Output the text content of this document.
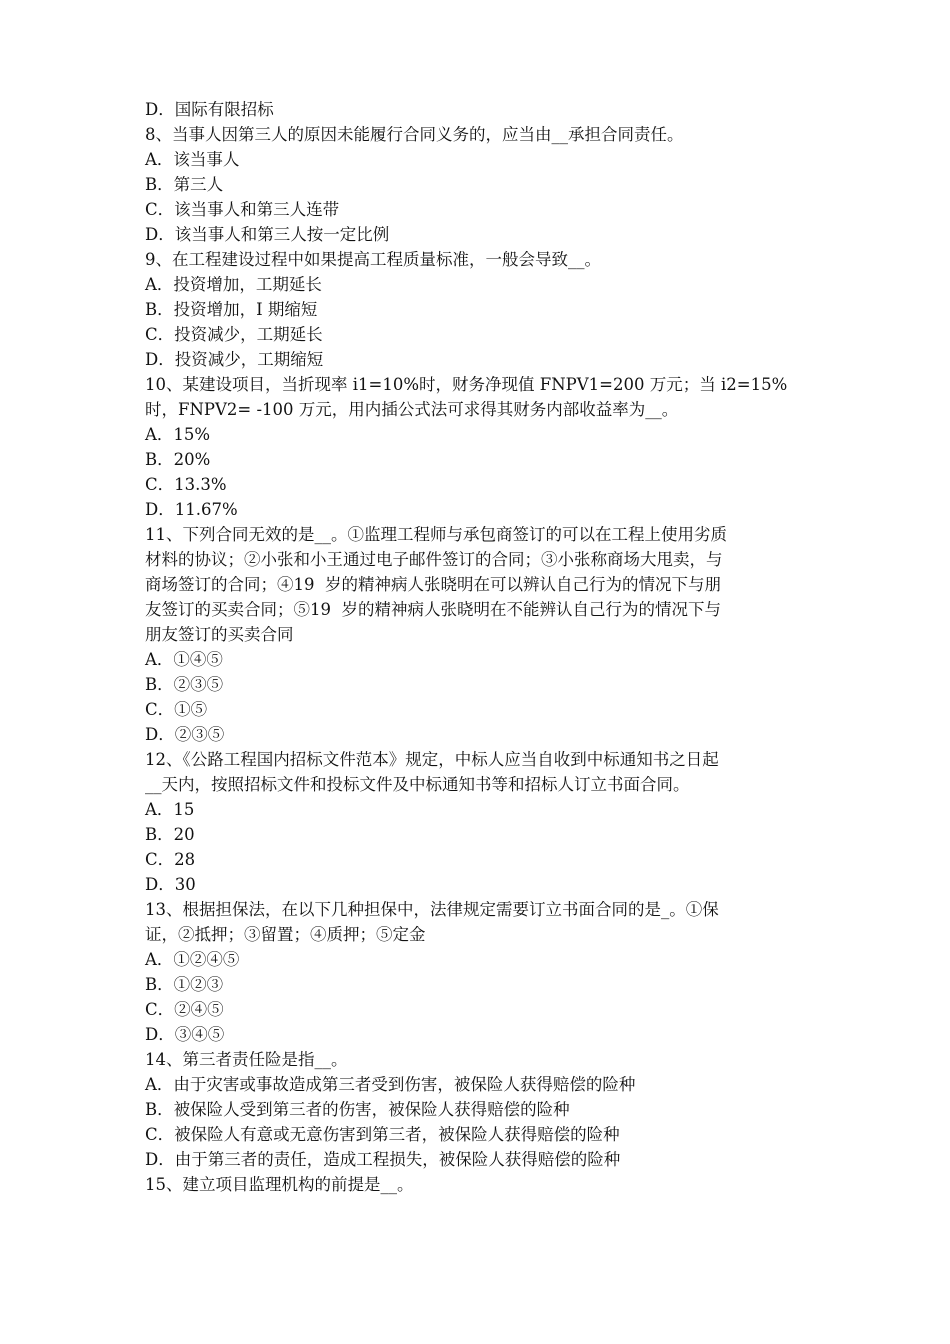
D．国际有限招标
8、当事人因第三人的原因未能履行合同义务的，应当由__承担合同责任。
A．该当事人
B．第三人
C．该当事人和第三人连带
D．该当事人和第三人按一定比例
9、在工程建设过程中如果提高工程质量标准，一般会导致__。
A．投资增加，工期延长
B．投资增加，I 期缩短
C．投资减少，工期延长
D．投资减少，工期缩短
10、某建设项目，当折现率 i1=10%时，财务净现值 FNPV1=200 万元；当 i2=15%
时，FNPV2= -100 万元，用内插公式法可求得其财务内部收益率为__。
A．15%
B．20%
C．13.3%
D．11.67%
11、下列合同无效的是__。①监理工程师与承包商签订的可以在工程上使用劣质
材料的协议；②小张和小王通过电子邮件签订的合同；③小张称商场大甩卖，与
商场签订的合同；④19  岁的精神病人张晓明在可以辨认自己行为的情况下与朋
友签订的买卖合同；⑤19  岁的精神病人张晓明在不能辨认自己行为的情况下与
朋友签订的买卖合同
A．①④⑤
B．②③⑤
C．①⑤
D．②③⑤
12、《公路工程国内招标文件范本》规定，中标人应当自收到中标通知书之日起
__天内，按照招标文件和投标文件及中标通知书等和招标人订立书面合同。
A．15
B．20
C．28
D．30
13、根据担保法，在以下几种担保中，法律规定需要订立书面合同的是_。①保
证，②抵押；③留置；④质押；⑤定金
A．①②④⑤
B．①②③
C．②④⑤
D．③④⑤
14、第三者责任险是指__。
A．由于灾害或事故造成第三者受到伤害，被保险人获得赔偿的险种
B．被保险人受到第三者的伤害，被保险人获得赔偿的险种
C．被保险人有意或无意伤害到第三者，被保险人获得赔偿的险种
D．由于第三者的责任，造成工程损失，被保险人获得赔偿的险种
15、建立项目监理机构的前提是__。
